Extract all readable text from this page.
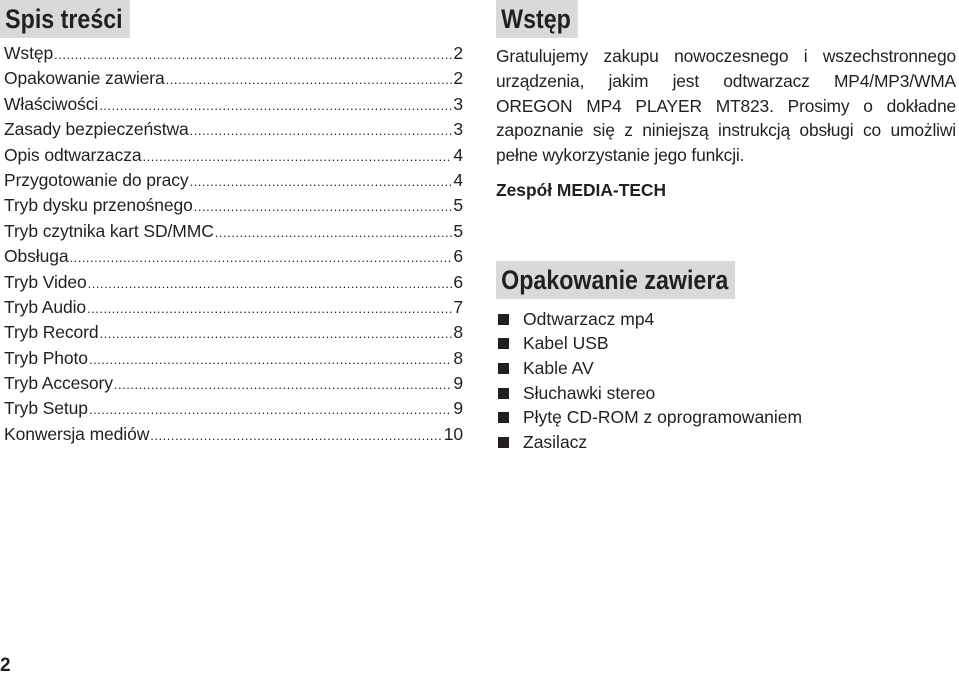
Spis treści
Wstęp .....	2
Opakowanie zawiera .....	2
Właściwości .....	3
Zasady bezpieczeństwa .....	3
Opis odtwarzacza .....	4
Przygotowanie do pracy .....	4
Tryb dysku przenośnego .....	5
Tryb czytnika kart SD/MMC .....	5
Obsługa .....	6
Tryb Video .....	6
Tryb Audio .....	7
Tryb Record .....	8
Tryb Photo .....	8
Tryb Accesory .....	9
Tryb Setup .....	9
Konwersja mediów .....	10
Wstęp

Gratulujemy zakupu nowoczesnego i wszechstronnego urządzenia, jakim jest odtwarzacz MP4/MP3/WMA OREGON MP4 PLAYER MT823. Prosimy o dokładne zapoznanie się z niniejszą instrukcją obsługi co umożliwi pełne wykorzystanie jego funkcji.

Zespół MEDIA-TECH

Opakowanie zawiera
Odtwarzacz mp4
Kabel USB
Kable AV
Słuchawki stereo
Płytę CD-ROM z oprogramowaniem
Zasilacz
2
